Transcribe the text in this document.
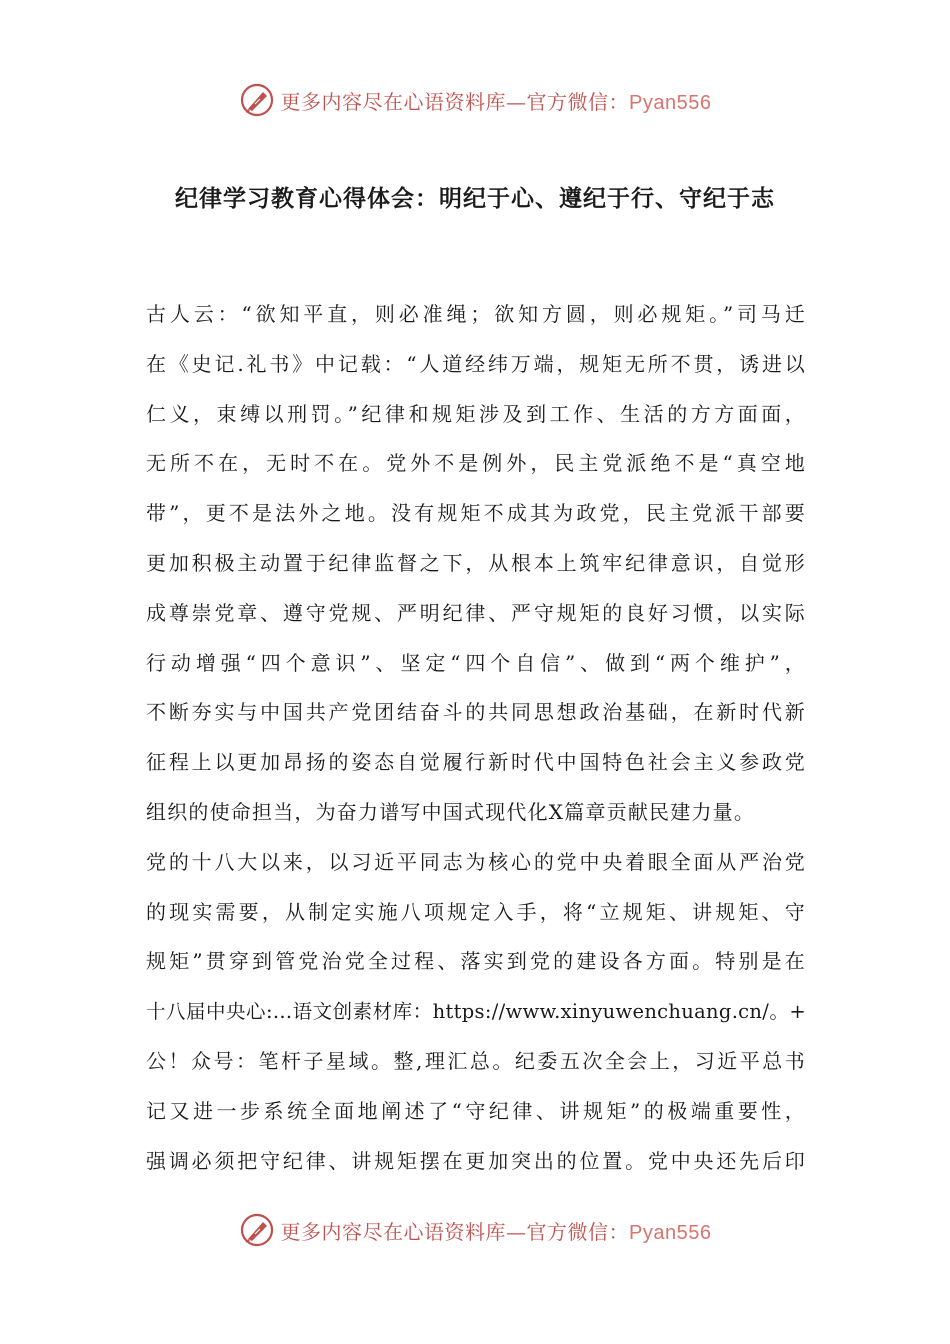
更多内容尽在心语资料库—官方微信：Pyan556
纪律学习教育心得体会：明纪于心、遵纪于行、守纪于志
古人云：“欲知平直，则必准绳；欲知方圆，则必规矩。”司马迁
在《史记.礼书》中记载：“人道经纬万端，规矩无所不贯，诱进以
仁义，束缚以刑罚。”纪律和规矩涉及到工作、生活的方方面面，
无所不在，无时不在。党外不是例外，民主党派绝不是“真空地
带”，更不是法外之地。没有规矩不成其为政党，民主党派干部要
更加积极主动置于纪律监督之下，从根本上筑牢纪律意识，自觉形
成尊崇党章、遵守党规、严明纪律、严守规矩的良好习惯，以实际
行动增强“四个意识”、坚定“四个自信”、做到“两个维护”，
不断夯实与中国共产党团结奋斗的共同思想政治基础，在新时代新
征程上以更加昂扬的姿态自觉履行新时代中国特色社会主义参政党
组织的使命担当，为奋力谱写中国式现代化X篇章贡献民建力量。
党的十八大以来，以习近平同志为核心的党中央着眼全面从严治党
的现实需要，从制定实施八项规定入手，将“立规矩、讲规矩、守
规矩”贯穿到管党治党全过程、落实到党的建设各方面。特别是在
十八届中央心:...语文创素材库：https://www.xinyuwenchuang.cn/。+
公！众号：笔杆子星域。整,理汇总。纪委五次全会上，习近平总书
记又进一步系统全面地阐述了“守纪律、讲规矩”的极端重要性，
强调必须把守纪律、讲规矩摆在更加突出的位置。党中央还先后印
更多内容尽在心语资料库—官方微信：Pyan556
